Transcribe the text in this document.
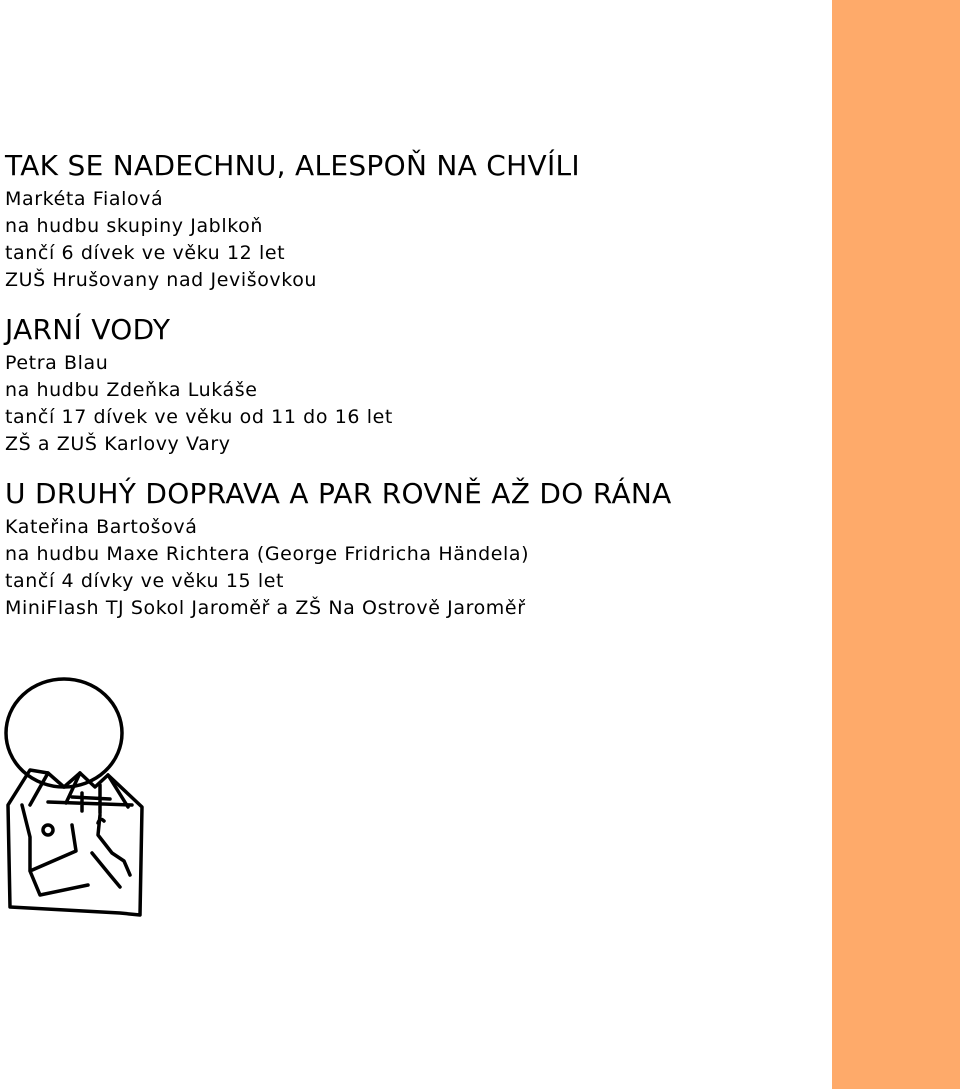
TAK SE NADECHNU, ALESPOŇ NA CHVÍLI

Markéta Fialová

na hudbu skupiny Jablkoň

tančí 6 dívek ve věku 12 let

ZUŠ Hrušovany nad Jevišovkou

JARNÍ VODY

Petra Blau

na hudbu Zdeňka Lukáše

tančí 17 dívek ve věku od 11 do 16 let

ZŠ a ZUŠ Karlovy Vary

U DRUHÝ DOPRAVA A PAR ROVNĚ AŽ DO RÁNA

Kateřina Bartošová

na hudbu Maxe Richtera (George Fridricha Händela)

tančí 4 dívky ve věku 15 let

MiniFlash TJ Sokol Jaroměř a ZŠ Na Ostrově Jaroměř
